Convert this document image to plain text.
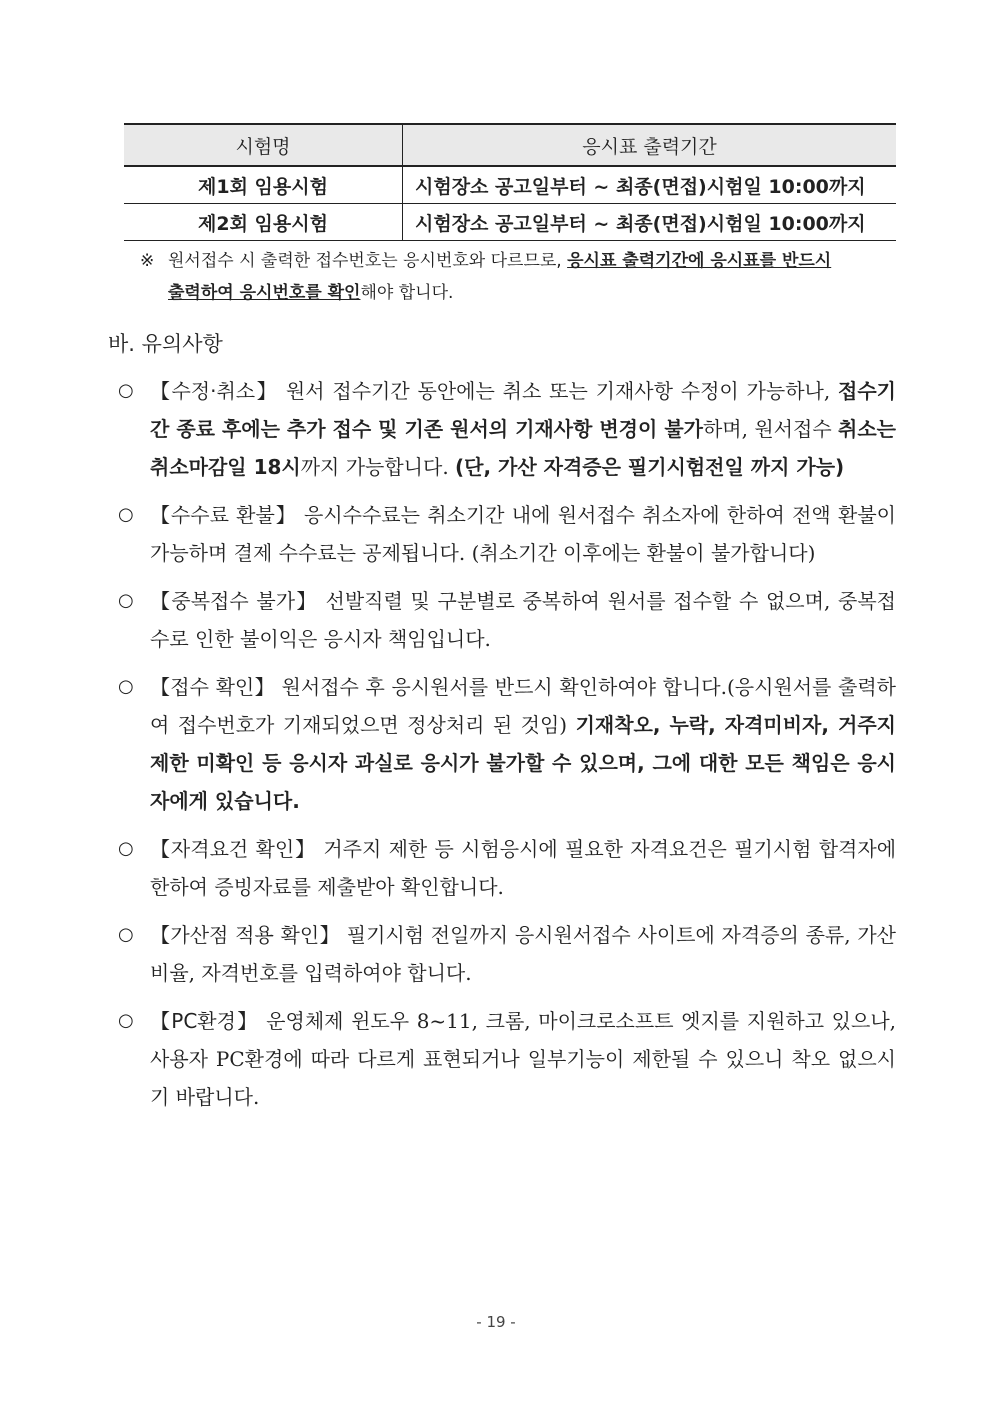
시험명	응시표 출력기간
제1회 임용시험	시험장소 공고일부터 ~ 최종(면접)시험일 10:00까지
제2회 임용시험	시험장소 공고일부터 ~ 최종(면접)시험일 10:00까지
※ 원서접수 시 출력한 접수번호는 응시번호와 다르므로, 응시표 출력기간에 응시표를 반드시
출력하여 응시번호를 확인해야 합니다.
바. 유의사항
○ 【수정·취소】 원서 접수기간 동안에는 취소 또는 기재사항 수정이 가능하나, 접수기간 종료 후에는 추가 접수 및 기존 원서의 기재사항 변경이 불가하며, 원서접수 취소는 취소마감일 18시까지 가능합니다. (단, 가산 자격증은 필기시험전일 까지 가능)
○ 【수수료 환불】 응시수수료는 취소기간 내에 원서접수 취소자에 한하여 전액 환불이 가능하며 결제 수수료는 공제됩니다. (취소기간 이후에는 환불이 불가합니다)
○ 【중복접수 불가】 선발직렬 및 구분별로 중복하여 원서를 접수할 수 없으며, 중복접수로 인한 불이익은 응시자 책임입니다.
○ 【접수 확인】 원서접수 후 응시원서를 반드시 확인하여야 합니다.(응시원서를 출력하여 접수번호가 기재되었으면 정상처리 된 것임) 기재착오, 누락, 자격미비자, 거주지 제한 미확인 등 응시자 과실로 응시가 불가할 수 있으며, 그에 대한 모든 책임은 응시자에게 있습니다.
○ 【자격요건 확인】 거주지 제한 등 시험응시에 필요한 자격요건은 필기시험 합격자에 한하여 증빙자료를 제출받아 확인합니다.
○ 【가산점 적용 확인】 필기시험 전일까지 응시원서접수 사이트에 자격증의 종류, 가산비율, 자격번호를 입력하여야 합니다.
○ 【PC환경】 운영체제 윈도우 8~11, 크롬, 마이크로소프트 엣지를 지원하고 있으나, 사용자 PC환경에 따라 다르게 표현되거나 일부기능이 제한될 수 있으니 착오 없으시기 바랍니다.
- 19 -
